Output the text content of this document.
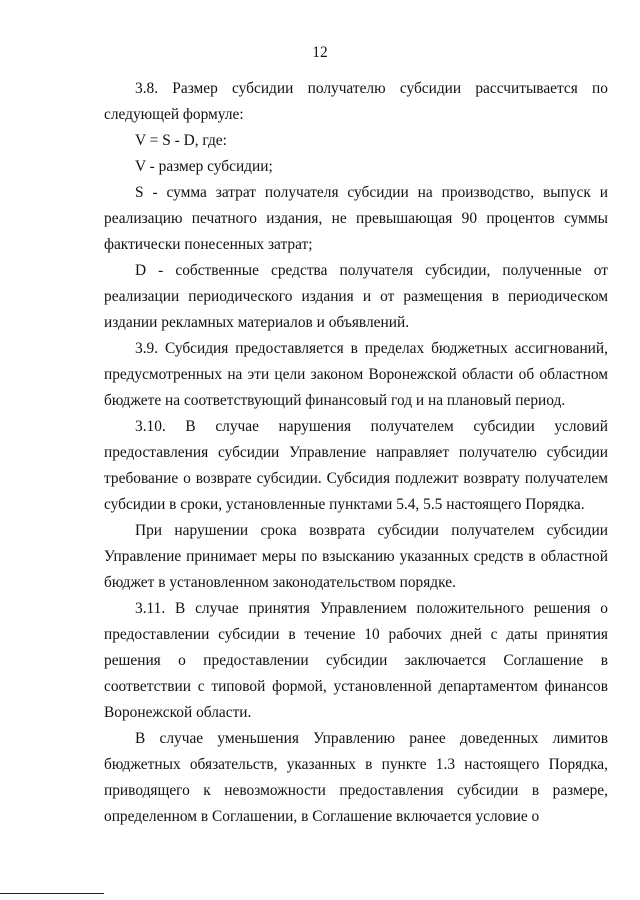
12

3.8. Размер субсидии получателю субсидии рассчитывается по следующей формуле:

V = S - D, где:

V - размер субсидии;

S - сумма затрат получателя субсидии на производство, выпуск и реализацию печатного издания, не превышающая 90 процентов суммы фактически понесенных затрат;

D - собственные средства получателя субсидии, полученные от реализации периодического издания и от размещения в периодическом издании рекламных материалов и объявлений.

3.9. Субсидия предоставляется в пределах бюджетных ассигнований, предусмотренных на эти цели законом Воронежской области об областном бюджете на соответствующий финансовый год и на плановый период.

3.10. В случае нарушения получателем субсидии условий предоставления субсидии Управление направляет получателю субсидии требование о возврате субсидии. Субсидия подлежит возврату получателем субсидии в сроки, установленные пунктами 5.4, 5.5 настоящего Порядка.

При нарушении срока возврата субсидии получателем субсидии Управление принимает меры по взысканию указанных средств в областной бюджет в установленном законодательством порядке.

3.11. В случае принятия Управлением положительного решения о предоставлении субсидии в течение 10 рабочих дней с даты принятия решения о предоставлении субсидии заключается Соглашение в соответствии с типовой формой, установленной департаментом финансов Воронежской области.

В случае уменьшения Управлению ранее доведенных лимитов бюджетных обязательств, указанных в пункте 1.3 настоящего Порядка, приводящего к невозможности предоставления субсидии в размере, определенном в Соглашении, в Соглашение включается условие о
